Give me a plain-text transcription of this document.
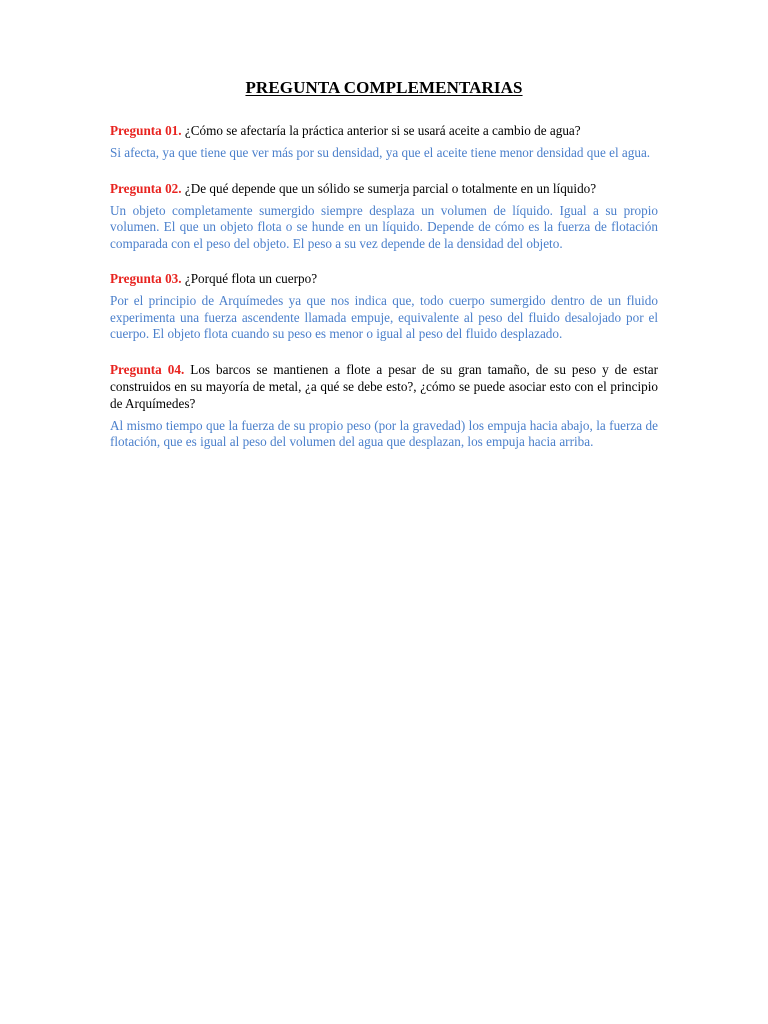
PREGUNTA COMPLEMENTARIAS

Pregunta 01. ¿Cómo se afectaría la práctica anterior si se usará aceite a cambio de agua?

Si afecta, ya que tiene que ver más por su densidad, ya que el aceite tiene menor densidad que el agua.

Pregunta 02. ¿De qué depende que un sólido se sumerja parcial o totalmente en un líquido?

Un objeto completamente sumergido siempre desplaza un volumen de líquido. Igual a su propio volumen. El que un objeto flota o se hunde en un líquido. Depende de cómo es la fuerza de flotación comparada con el peso del objeto. El peso a su vez depende de la densidad del objeto.

Pregunta 03. ¿Porqué flota un cuerpo?

Por el principio de Arquímedes ya que nos indica que, todo cuerpo sumergido dentro de un fluido experimenta una fuerza ascendente llamada empuje, equivalente al peso del fluido desalojado por el cuerpo. El objeto flota cuando su peso es menor o igual al peso del fluido desplazado.

Pregunta 04. Los barcos se mantienen a flote a pesar de su gran tamaño, de su peso y de estar construidos en su mayoría de metal, ¿a qué se debe esto?, ¿cómo se puede asociar esto con el principio de Arquímedes?

Al mismo tiempo que la fuerza de su propio peso (por la gravedad) los empuja hacia abajo, la fuerza de flotación, que es igual al peso del volumen del agua que desplazan, los empuja hacia arriba.
